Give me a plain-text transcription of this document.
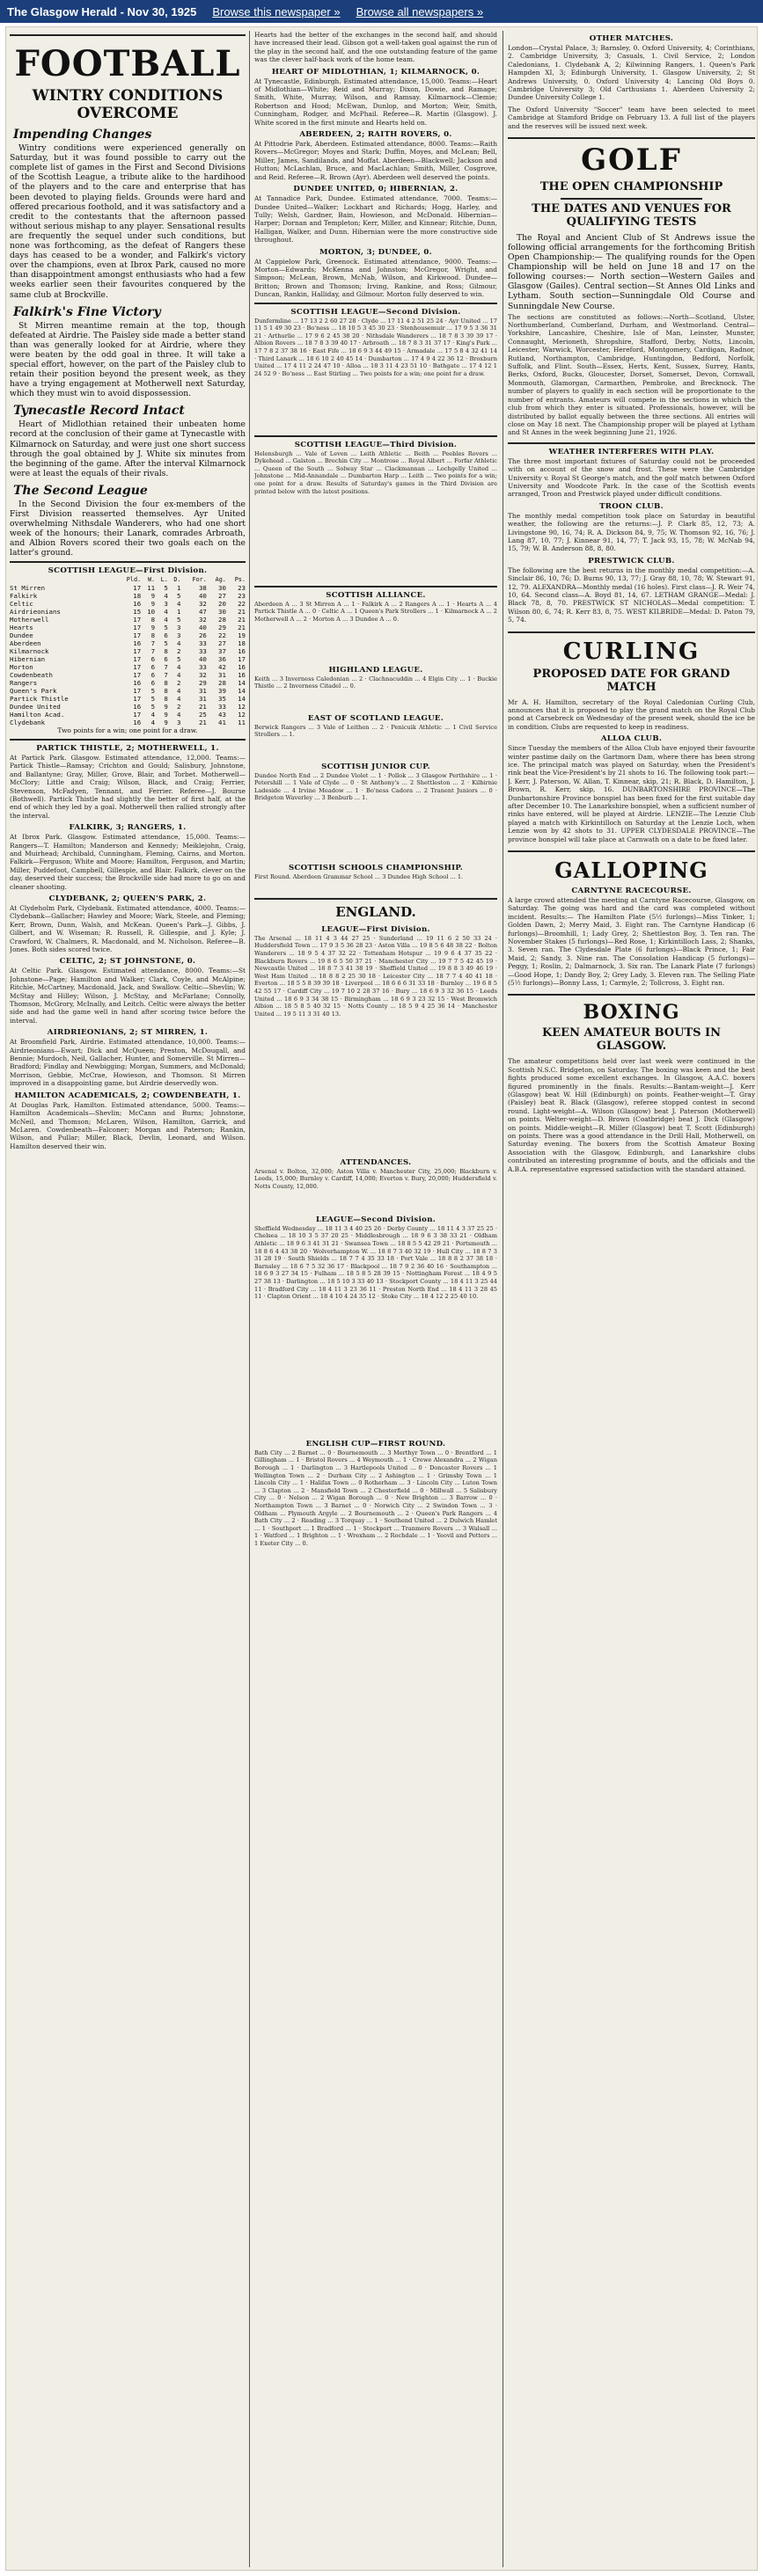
The Glasgow Herald - Nov 30, 1925 Browse this newspaper » Browse all newspapers »
FOOTBALL
WINTRY CONDITIONS OVERCOME
Impending Changes

Wintry conditions were experienced generally on Saturday, but it was found possible to carry out the complete list of games in the First and Second Divisions of the Scottish League, a tribute alike to the hardihood of the players and to the care and enterprise that has been devoted to playing fields. Grounds were hard and offered precarious foothold, and it was satisfactory and a credit to the contestants that the afternoon passed without serious mishap to any player. Sensational results are frequently the sequel under such conditions, but none was forthcoming, as the defeat of Rangers these days has ceased to be a wonder, and Falkirk's victory over the champions, even at Ibrox Park, caused no more than disappointment amongst enthusiasts who had a few weeks earlier seen their favourites conquered by the same club at Brockville.

Falkirk's Fine Victory

St Mirren meantime remain at the top, though defeated at Airdrie. The Paisley side made a better stand than was generally looked for at Airdrie, where they were beaten by the odd goal in three. It will take a special effort, however, on the part of the Paisley club to retain their position beyond the present week, as they have a trying engagement at Motherwell next Saturday, which they must win to avoid dispossession.

Tynecastle Record Intact

Heart of Midlothian retained their unbeaten home record at the conclusion of their game at Tynecastle with Kilmarnock on Saturday, and were just one short success through the goal obtained by J. White six minutes from the beginning of the game. After the interval Kilmarnock were at least the equals of their rivals.

The Second League

In the Second Division the four ex-members of the First Division reasserted themselves. Ayr United overwhelming Nithsdale Wanderers, who had one short week of the honours; their Lanark, comrades Arbroath, and Albion Rovers scored their two goals each on the latter's ground.

SCOTTISH LEAGUE—First Division.
	Pld.	W.	L.	D.	For.	Ag.	Ps.
St Mirren	17	11	5	1	38	30	23
Falkirk	18	9	4	5	40	27	23
Celtic	16	9	3	4	32	20	22
Airdrieonians	15	10	4	1	47	30	21
Motherwell	17	8	4	5	32	28	21
Hearts	17	9	5	3	40	29	21
Dundee	17	8	6	3	26	22	19
Aberdeen	16	7	5	4	33	27	18
Kilmarnock	17	7	8	2	33	37	16
Hibernian	17	6	6	5	40	36	17
Morton	17	6	7	4	33	42	16
Cowdenbeath	17	6	7	4	32	31	16
Rangers	16	6	8	2	29	28	14
Queen's Park	17	5	8	4	31	39	14
Partick Thistle	17	5	8	4	31	35	14
Dundee United	16	5	9	2	21	33	12
Hamilton Acad.	17	4	9	4	25	43	12
Clydebank	16	4	9	3	21	41	11

Two points for a win; one point for a draw.

PARTICK THISTLE, 2; MOTHERWELL, 1.
At Partick Park. Glasgow. Estimated attendance, 12,000. Teams:—Partick Thistle—Ramsay; Crichton and Gould; Salisbury, Johnstone, and Ballantyne; Gray, Miller, Grove, Blair, and Torbet. Motherwell—McClory; Little and Craig; Wilson, Black, and Craig; Ferrier, Stevenson, McFadyen, Tennant, and Ferrier. Referee—J. Bourse (Bothwell). Partick Thistle had slightly the better of first half, at the end of which they led by a goal. Motherwell then rallied strongly after the interval.
FALKIRK, 3; RANGERS, 1.
At Ibrox Park. Glasgow. Estimated attendance, 15,000. Teams:—Rangers—T. Hamilton; Manderson and Kennedy; Meiklejohn, Craig, and Muirhead; Archibald, Cunningham, Fleming, Cairns, and Morton. Falkirk—Ferguson; White and Moore; Hamilton, Ferguson, and Martin; Miller, Puddefoot, Campbell, Gillespie, and Blair. Falkirk, clever on the day, deserved their success; the Brockville side had more to go on and cleaner shooting.
CLYDEBANK, 2; QUEEN'S PARK, 2.
At Clydeholm Park, Clydebank. Estimated attendance, 4000. Teams:—Clydebank—Gallacher; Hawley and Moore; Wark, Steele, and Fleming; Kerr, Brown, Dunn, Walsh, and McKean. Queen's Park—J. Gibbs, J. Gilbert, and W. Wiseman; R. Russell, R. Gillespie, and J. Kyle; J. Crawford, W. Chalmers, R. Macdonald, and M. Nicholson. Referee—B. Jones. Both sides scored twice.
CELTIC, 2; ST JOHNSTONE, 0.
At Celtic Park. Glasgow. Estimated attendance, 8000. Teams:—St Johnstone—Page; Hamilton and Walker; Clark, Coyle, and McAlpine; Ritchie, McCartney, Macdonald, Jack, and Swallow. Celtic—Shevlin; W. McStay and Hilley; Wilson, J. McStay, and McFarlane; Connolly, Thomson, McGrory, McInally, and Leitch. Celtic were always the better side and had the game well in hand after scoring twice before the interval.
AIRDRIEONIANS, 2; ST MIRREN, 1.
At Broomfield Park, Airdrie. Estimated attendance, 10,000. Teams:—Airdrieonians—Ewart; Dick and McQueen; Preston, McDougall, and Bennie; Murdoch, Neil, Gallacher, Hunter, and Somerville. St Mirren—Bradford; Findlay and Newbigging; Morgan, Summers, and McDonald; Morrison, Gebbie, McCrae, Howieson, and Thomson. St Mirren improved in a disappointing game, but Airdrie deservedly won.
HAMILTON ACADEMICALS, 2; COWDENBEATH, 1.
At Douglas Park, Hamilton. Estimated attendance, 5000. Teams:—Hamilton Academicals—Shevlin; McCann and Burns; Johnstone, McNeil, and Thomson; McLaren, Wilson, Hamilton, Garrick, and McLaren. Cowdenbeath—Falconer; Morgan and Paterson; Rankin, Wilson, and Pullar; Miller, Black, Devlin, Leonard, and Wilson. Hamilton deserved their win.
Hearts had the better of the exchanges in the second half, and should have increased their lead. Gibson got a well-taken goal against the run of the play in the second half, and the one outstanding feature of the game was the clever half-back work of the home team.
HEART OF MIDLOTHIAN, 1; KILMARNOCK, 0.
At Tynecastle, Edinburgh. Estimated attendance, 15,000. Teams:—Heart of Midlothian—White; Reid and Murray; Dixon, Dowie, and Ramage; Smith, White, Murray, Wilson, and Ramsay. Kilmarnock—Clemie; Robertson and Hood; McEwan, Dunlop, and Morton; Weir, Smith, Cunningham, Rodger, and McPhail. Referee—R. Martin (Glasgow). J. White scored in the first minute and Hearts held on.
ABERDEEN, 2; RAITH ROVERS, 0.
At Pittodrie Park, Aberdeen. Estimated attendance, 8000. Teams:—Raith Rovers—McGregor; Moyes and Stark; Duffin, Moyes, and McLean; Bell, Miller, James, Sandilands, and Moffat. Aberdeen—Blackwell; Jackson and Hutton; McLachlan, Bruce, and MacLachlan; Smith, Miller, Cosgrove, and Reid. Referee—R. Brown (Ayr). Aberdeen well deserved the points.
DUNDEE UNITED, 0; HIBERNIAN, 2.
At Tannadice Park, Dundee. Estimated attendance, 7000. Teams:—Dundee United—Walker; Lockhart and Richards; Hogg, Harley, and Tully; Welsh, Gardner, Bain, Howieson, and McDonald. Hibernian—Harper; Dornan and Templeton; Kerr, Miller, and Kinnear; Ritchie, Dunn, Halligan, Walker, and Dunn. Hibernian were the more constructive side throughout.
MORTON, 3; DUNDEE, 0.
At Cappielow Park, Greenock. Estimated attendance, 9000. Teams:—Morton—Edwards; McKenna and Johnston; McGregor, Wright, and Simpson; McLean, Brown, McNab, Wilson, and Kirkwood. Dundee—Britton; Brown and Thomson; Irving, Rankine, and Ross; Gilmour, Duncan, Rankin, Halliday, and Gilmour. Morton fully deserved to win.
SCOTTISH LEAGUE—Second Division.
Dunfermline ... 17 13 2 2 60 27 28 · Clyde ... 17 11 4 2 51 25 24 · Ayr United ... 17 11 5 1 49 30 23 · Bo'ness ... 18 10 5 3 45 30 23 · Stenhousemuir ... 17 9 5 3 36 31 21 · Arthurlie ... 17 9 6 2 45 38 20 · Nithsdale Wanderers ... 18 7 8 3 39 39 17 · Albion Rovers ... 18 7 8 3 39 40 17 · Arbroath ... 18 7 8 3 31 37 17 · King's Park ... 17 7 8 2 37 38 16 · East Fife ... 18 6 9 3 44 49 15 · Armadale ... 17 5 8 4 32 41 14 · Third Lanark ... 18 6 10 2 40 45 14 · Dumbarton ... 17 4 9 4 22 36 12 · Broxburn United ... 17 4 11 2 24 47 10 · Alloa ... 18 3 11 4 23 51 10 · Bathgate ... 17 4 12 1 24 52 9 · Bo'ness ... East Stirling ... Two points for a win; one point for a draw.
SCOTTISH LEAGUE—Third Division.
Helensburgh ... Vale of Leven ... Leith Athletic ... Beith ... Peebles Rovers ... Dykehead ... Galston ... Brechin City ... Montrose ... Royal Albert ... Forfar Athletic ... Queen of the South ... Solway Star ... Clackmannan ... Lochgelly United ... Johnstone ... Mid-Annandale ... Dumbarton Harp ... Leith ... Two points for a win; one point for a draw. Results of Saturday's games in the Third Division are printed below with the latest positions.
SCOTTISH ALLIANCE.
Aberdeen A ... 3 St Mirren A ... 1 · Falkirk A ... 2 Rangers A ... 1 · Hearts A ... 4 Partick Thistle A ... 0 · Celtic A ... 1 Queen's Park Strollers ... 1 · Kilmarnock A ... 2 Motherwell A ... 2 · Morton A ... 3 Dundee A ... 0.
HIGHLAND LEAGUE.
Keith ... 3 Inverness Caledonian ... 2 · Clachnacuddin ... 4 Elgin City ... 1 · Buckie Thistle ... 2 Inverness Citadel ... 0.
EAST OF SCOTLAND LEAGUE.
Berwick Rangers ... 3 Vale of Leithen ... 2 · Penicuik Athletic ... 1 Civil Service Strollers ... 1.
SCOTTISH JUNIOR CUP.
Dundee North End ... 2 Dundee Violet ... 1 · Pollok ... 3 Glasgow Perthshire ... 1 · Petershill ... 1 Vale of Clyde ... 0 · St Anthony's ... 2 Shettleston ... 2 · Kilbirnie Ladeside ... 4 Irvine Meadow ... 1 · Bo'ness Cadora ... 2 Tranent Juniors ... 0 · Bridgeton Waverley ... 3 Benburb ... 1.
SCOTTISH SCHOOLS CHAMPIONSHIP.
First Round. Aberdeen Grammar School ... 3 Dundee High School ... 1.
ENGLAND.
LEAGUE—First Division.
The Arsenal ... 18 11 4 3 44 27 25 · Sunderland ... 19 11 6 2 50 33 24 · Huddersfield Town ... 17 9 3 5 36 28 23 · Aston Villa ... 19 8 5 6 48 38 22 · Bolton Wanderers ... 18 9 5 4 37 32 22 · Tottenham Hotspur ... 19 9 6 4 37 35 22 · Blackburn Rovers ... 19 8 6 5 50 37 21 · Manchester City ... 19 7 7 5 42 45 19 · Newcastle United ... 18 8 7 3 41 38 19 · Sheffield United ... 19 8 8 3 49 46 19 · West Ham United ... 18 8 8 2 25 30 18 · Leicester City ... 18 7 7 4 40 41 18 · Everton ... 18 5 5 8 39 39 18 · Liverpool ... 18 6 6 6 31 33 18 · Burnley ... 19 6 8 5 42 55 17 · Cardiff City ... 19 7 10 2 28 37 16 · Bury ... 18 6 9 3 32 36 15 · Leeds United ... 18 6 9 3 34 38 15 · Birmingham ... 18 6 9 3 23 32 15 · West Bromwich Albion ... 18 5 8 5 40 32 15 · Notts County ... 18 5 9 4 25 36 14 · Manchester United ... 19 5 11 3 31 40 13.
ATTENDANCES.
Arsenal v. Bolton, 32,000; Aston Villa v. Manchester City, 25,000; Blackburn v. Leeds, 15,000; Burnley v. Cardiff, 14,000; Everton v. Bury, 20,000; Huddersfield v. Notts County, 12,000.
LEAGUE—Second Division.
Sheffield Wednesday ... 18 11 3 4 40 25 26 · Derby County ... 18 11 4 3 37 25 25 · Chelsea ... 18 10 3 5 37 20 25 · Middlesbrough ... 18 9 6 3 38 33 21 · Oldham Athletic ... 18 9 6 3 41 31 21 · Swansea Town ... 18 8 5 5 42 29 21 · Portsmouth ... 18 8 6 4 43 38 20 · Wolverhampton W. ... 18 8 7 3 40 32 19 · Hull City ... 18 8 7 3 31 28 19 · South Shields ... 18 7 7 4 35 33 18 · Port Vale ... 18 8 8 2 37 38 18 · Barnsley ... 18 6 7 5 32 36 17 · Blackpool ... 18 7 9 2 36 40 16 · Southampton ... 18 6 9 3 27 34 15 · Fulham ... 18 5 8 5 28 39 15 · Nottingham Forest ... 18 4 9 5 27 38 13 · Darlington ... 18 5 10 3 33 40 13 · Stockport County ... 18 4 11 3 25 44 11 · Bradford City ... 18 4 11 3 23 36 11 · Preston North End ... 18 4 11 3 28 45 11 · Clapton Orient ... 18 4 10 4 24 35 12 · Stoke City ... 18 4 12 2 25 40 10.
ENGLISH CUP—FIRST ROUND.
Bath City ... 2 Barnet ... 0 · Bournemouth ... 3 Merthyr Town ... 0 · Brentford ... 1 Gillingham ... 1 · Bristol Rovers ... 4 Weymouth ... 1 · Crewe Alexandra ... 2 Wigan Borough ... 1 · Darlington ... 3 Hartlepools United ... 0 · Doncaster Rovers ... 1 Wellington Town ... 2 · Durham City ... 2 Ashington ... 1 · Grimsby Town ... 1 Lincoln City ... 1 · Halifax Town ... 0 Rotherham ... 3 · Lincoln City ... Luton Town ... 3 Clapton ... 2 · Mansfield Town ... 2 Chesterfield ... 0 · Millwall ... 5 Salisbury City ... 0 · Nelson ... 2 Wigan Borough ... 0 · New Brighton ... 3 Barrow ... 0 · Northampton Town ... 3 Barnet ... 0 · Norwich City ... 2 Swindon Town ... 3 · Oldham ... Plymouth Argyle ... 2 Bournemouth ... 2 · Queen's Park Rangers ... 4 Bath City ... 2 · Reading ... 3 Torquay ... 1 · Southend United ... 2 Dulwich Hamlet ... 1 · Southport ... 1 Bradford ... 1 · Stockport ... Tranmere Rovers ... 3 Walsall ... 1 · Watford ... 1 Brighton ... 1 · Wrexham ... 2 Rochdale ... 1 · Yeovil and Petters ... 1 Exeter City ... 0.
OTHER MATCHES.
London—Crystal Palace, 3; Barnsley, 0. Oxford University, 4; Corinthians, 2. Cambridge University, 3; Casuals, 1. Civil Service, 2; London Caledonians, 1. Clydebank A, 2; Kilwinning Rangers, 1. Queen's Park Hampden XI, 3; Edinburgh University, 1. Glasgow University, 2; St Andrews University, 0. Oxford University 4; Lancing Old Boys 0. Cambridge University 3; Old Carthusians 1. Aberdeen University 2; Dundee University College 1.
The Oxford University "Soccer" team have been selected to meet Cambridge at Stamford Bridge on February 13. A full list of the players and the reserves will be issued next week.
GOLF
THE OPEN CHAMPIONSHIP
THE DATES AND VENUES FOR QUALIFYING TESTS

The Royal and Ancient Club of St Andrews issue the following official arrangements for the forthcoming British Open Championship:— The qualifying rounds for the Open Championship will be held on June 18 and 17 on the following courses:— North section—Western Gailes and Glasgow (Gailes). Central section—St Annes Old Links and Lytham. South section—Sunningdale Old Course and Sunningdale New Course.

The sections are constituted as follows:—North—Scotland, Ulster, Northumberland, Cumberland, Durham, and Westmorland. Central—Yorkshire, Lancashire, Cheshire, Isle of Man, Leinster, Munster, Connaught, Merioneth, Shropshire, Stafford, Derby, Notts, Lincoln, Leicester, Warwick, Worcester, Hereford, Montgomery, Cardigan, Radnor, Rutland, Northampton, Cambridge, Huntingdon, Bedford, Norfolk, Suffolk, and Flint. South—Essex, Herts, Kent, Sussex, Surrey, Hants, Berks, Oxford, Bucks, Gloucester, Dorset, Somerset, Devon, Cornwall, Monmouth, Glamorgan, Carmarthen, Pembroke, and Brecknock. The number of players to qualify in each section will be proportionate to the number of entrants. Amateurs will compete in the sections in which the club from which they enter is situated. Professionals, however, will be distributed by ballot equally between the three sections. All entries will close on May 18 next. The Championship proper will be played at Lytham and St Annes in the week beginning June 21, 1926.
WEATHER INTERFERES WITH PLAY.
The three most important fixtures of Saturday could not be proceeded with on account of the snow and frost. These were the Cambridge University v. Royal St George's match, and the golf match between Oxford University and Woodcote Park. In the case of the Scottish events arranged, Troon and Prestwick played under difficult conditions.
TROON CLUB.
The monthly medal competition took place on Saturday in beautiful weather, the following are the returns:—J. P. Clark 85, 12, 73; A. Livingstone 90, 16, 74; R. A. Dickson 84, 9, 75; W. Thomson 92, 16, 76; J. Lang 87, 10, 77; J. Kinnear 91, 14, 77; T. Jack 93, 15, 78; W. McNab 94, 15, 79; W. B. Anderson 88, 8, 80.
PRESTWICK CLUB.
The following are the best returns in the monthly medal competition:—A. Sinclair 86, 10, 76; D. Burns 90, 13, 77; J. Gray 88, 10, 78; W. Stewart 91, 12, 79. ALEXANDRA—Monthly medal (16 holes). First class—J. R. Weir 74, 10, 64. Second class—A. Boyd 81, 14, 67. LETHAM GRANGE—Medal: J. Black 78, 8, 70. PRESTWICK ST NICHOLAS—Medal competition: T. Wilson 80, 6, 74; R. Kerr 83, 8, 75. WEST KILBRIDE—Medal: D. Paton 79, 5, 74.
CURLING
PROPOSED DATE FOR GRAND MATCH
Mr A. H. Hamilton, secretary of the Royal Caledonian Curling Club, announces that it is proposed to play the grand match on the Royal Club pond at Carsebreck on Wednesday of the present week, should the ice be in condition. Clubs are requested to keep in readiness.
ALLOA CLUB.
Since Tuesday the members of the Alloa Club have enjoyed their favourite winter pastime daily on the Gartmorn Dam, where there has been strong ice. The principal match was played on Saturday, when the President's rink beat the Vice-President's by 21 shots to 16. The following took part:—J. Kerr, J. Paterson, W. Allan, T. Kinnear, skip, 21; R. Black, D. Hamilton, J. Brown, R. Kerr, skip, 16. DUNBARTONSHIRE PROVINCE—The Dunbartonshire Province bonspiel has been fixed for the first suitable day after December 10. The Lanarkshire bonspiel, when a sufficient number of rinks have entered, will be played at Airdrie. LENZIE—The Lenzie Club played a match with Kirkintilloch on Saturday at the Lenzie Loch, when Lenzie won by 42 shots to 31. UPPER CLYDESDALE PROVINCE—The province bonspiel will take place at Carnwath on a date to be fixed later.
GALLOPING
CARNTYNE RACECOURSE.
A large crowd attended the meeting at Carntyne Racecourse, Glasgow, on Saturday. The going was hard and the card was completed without incident. Results:— The Hamilton Plate (5½ furlongs)—Miss Tinker, 1; Golden Dawn, 2; Merry Maid, 3. Eight ran. The Carntyne Handicap (6 furlongs)—Broomhill, 1; Lady Grey, 2; Shettleston Boy, 3. Ten ran. The November Stakes (5 furlongs)—Red Rose, 1; Kirkintilloch Lass, 2; Shanks, 3. Seven ran. The Clydesdale Plate (6 furlongs)—Black Prince, 1; Fair Maid, 2; Sandy, 3. Nine ran. The Consolation Handicap (5 furlongs)—Peggy, 1; Roslin, 2; Dalmarnock, 3. Six ran. The Lanark Plate (7 furlongs)—Good Hope, 1; Dandy Boy, 2; Grey Lady, 3. Eleven ran. The Selling Plate (5½ furlongs)—Bonny Lass, 1; Carmyle, 2; Tollcross, 3. Eight ran.
BOXING
KEEN AMATEUR BOUTS IN GLASGOW.
The amateur competitions held over last week were continued in the Scottish N.S.C. Bridgeton, on Saturday. The boxing was keen and the best fights produced some excellent exchanges. In Glasgow, A.A.C. boxers figured prominently in the finals. Results:—Bantam-weight—J. Kerr (Glasgow) beat W. Hill (Edinburgh) on points. Feather-weight—T. Gray (Paisley) beat R. Black (Glasgow), referee stopped contest in second round. Light-weight—A. Wilson (Glasgow) beat J. Paterson (Motherwell) on points. Welter-weight—D. Brown (Coatbridge) beat J. Dick (Glasgow) on points. Middle-weight—R. Miller (Glasgow) beat T. Scott (Edinburgh) on points. There was a good attendance in the Drill Hall, Motherwell, on Saturday evening. The boxers from the Scottish Amateur Boxing Association with the Glasgow, Edinburgh, and Lanarkshire clubs contributed an interesting programme of bouts, and the officials and the A.B.A. representative expressed satisfaction with the standard attained.
